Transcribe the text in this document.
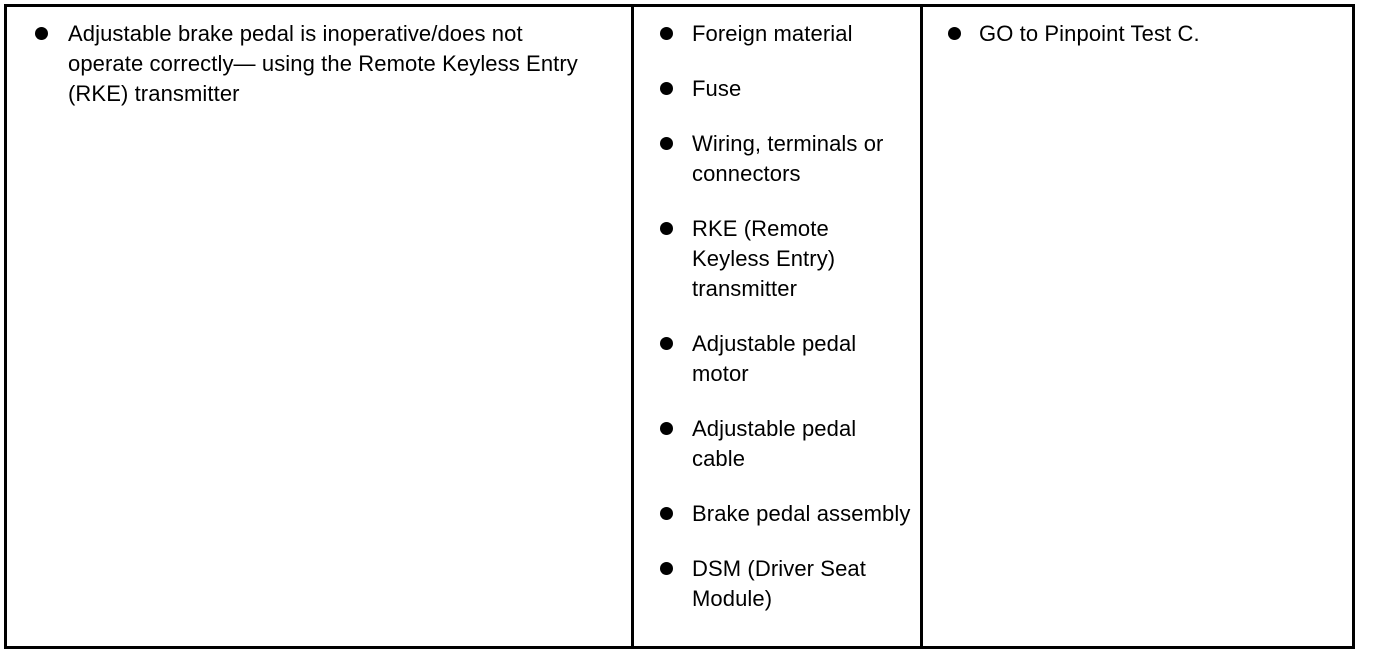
Adjustable brake pedal is inoperative/does not operate correctly— using the Remote Keyless Entry (RKE) transmitter
Foreign material
Fuse
Wiring, terminals or connectors
RKE (Remote Keyless Entry) transmitter
Adjustable pedal motor
Adjustable pedal cable
Brake pedal assembly
DSM (Driver Seat Module)
GO to Pinpoint Test C.
